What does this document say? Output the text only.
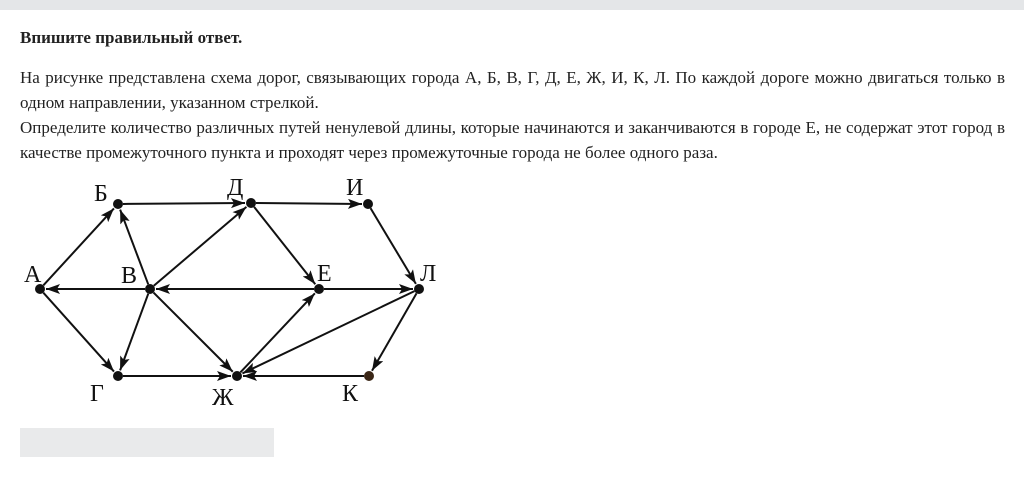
Впишите правильный ответ.

На рисунке представлена схема дорог, связывающих города А, Б, В, Г, Д, Е, Ж, И, К, Л. По каждой дороге можно двигаться только в одном направлении, указанном стрелкой.

Определите количество различных путей ненулевой длины, которые начинаются и заканчиваются в городе Е, не содержат этот город в качестве промежуточного пункта и проходят через промежуточные города не более одного раза.

А
Б
В
Г
Д
Е
Ж
И
К
Л
